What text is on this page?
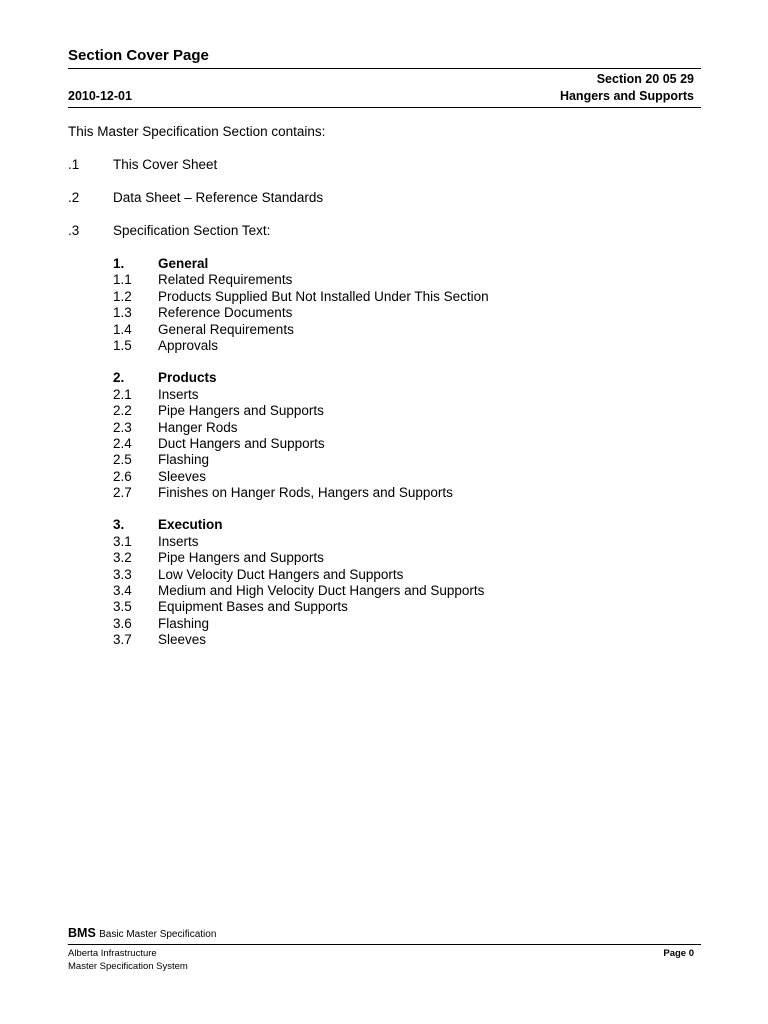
Section Cover Page
Section 20 05 29
2010-12-01	Hangers and Supports
This Master Specification Section contains:
.1 This Cover Sheet
.2 Data Sheet – Reference Standards
.3 Specification Section Text:
1. General
1.1 Related Requirements
1.2 Products Supplied But Not Installed Under This Section
1.3 Reference Documents
1.4 General Requirements
1.5 Approvals
2. Products
2.1 Inserts
2.2 Pipe Hangers and Supports
2.3 Hanger Rods
2.4 Duct Hangers and Supports
2.5 Flashing
2.6 Sleeves
2.7 Finishes on Hanger Rods, Hangers and Supports
3. Execution
3.1 Inserts
3.2 Pipe Hangers and Supports
3.3 Low Velocity Duct Hangers and Supports
3.4 Medium and High Velocity Duct Hangers and Supports
3.5 Equipment Bases and Supports
3.6 Flashing
3.7 Sleeves
BMS Basic Master Specification
Alberta Infrastructure
Master Specification System
Page 0
